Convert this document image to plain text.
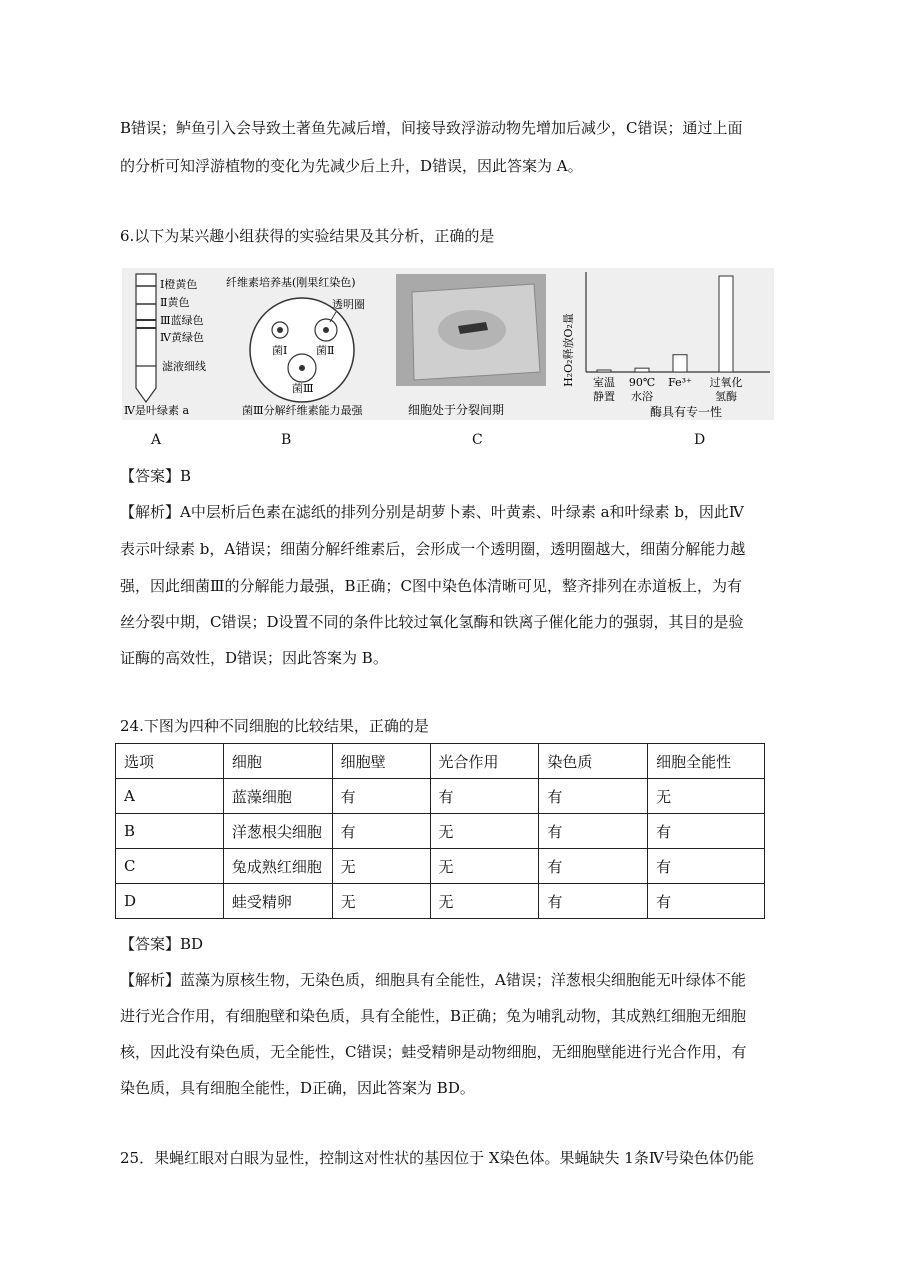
B错误；鲈鱼引入会导致土著鱼先减后增，间接导致浮游动物先增加后减少，C错误；通过上面
的分析可知浮游植物的变化为先减少后上升，D错误，因此答案为 A。
6.以下为某兴趣小组获得的实验结果及其分析，正确的是
Ⅰ橙黄色
Ⅱ黄色
Ⅲ蓝绿色
Ⅳ黄绿色
滤液细线
Ⅳ是叶绿素 a
纤维素培养基(刚果红染色)
透明圈
菌Ⅰ	菌Ⅱ
菌Ⅲ
菌Ⅲ分解纤维素能力最强	细胞处于分裂间期
H₂O₂释放O₂量 室温
静置
90℃
水浴
Fe³⁺ 过氧化
氢酶
酶具有专一性
A	B	C	D
【答案】B
【解析】A中层析后色素在滤纸的排列分别是胡萝卜素、叶黄素、叶绿素 a和叶绿素 b，因此Ⅳ
表示叶绿素 b，A错误；细菌分解纤维素后，会形成一个透明圈，透明圈越大，细菌分解能力越
强，因此细菌Ⅲ的分解能力最强，B正确；C图中染色体清晰可见，整齐排列在赤道板上，为有
丝分裂中期，C错误；D设置不同的条件比较过氧化氢酶和铁离子催化能力的强弱，其目的是验
证酶的高效性，D错误；因此答案为 B。
24.下图为四种不同细胞的比较结果，正确的是
选项	细胞	细胞壁	光合作用	染色质	细胞全能性
A	蓝藻细胞	有	有	有	无
B	洋葱根尖细胞	有	无	有	有
C	兔成熟红细胞	无	无	有	有
D	蛙受精卵	无	无	有	有
【答案】BD
【解析】蓝藻为原核生物，无染色质，细胞具有全能性，A错误；洋葱根尖细胞能无叶绿体不能
进行光合作用，有细胞壁和染色质，具有全能性，B正确；兔为哺乳动物，其成熟红细胞无细胞
核，因此没有染色质，无全能性，C错误；蛙受精卵是动物细胞，无细胞壁能进行光合作用，有
染色质，具有细胞全能性，D正确，因此答案为 BD。
25．果蝇红眼对白眼为显性，控制这对性状的基因位于 X染色体。果蝇缺失 1条Ⅳ号染色体仍能
